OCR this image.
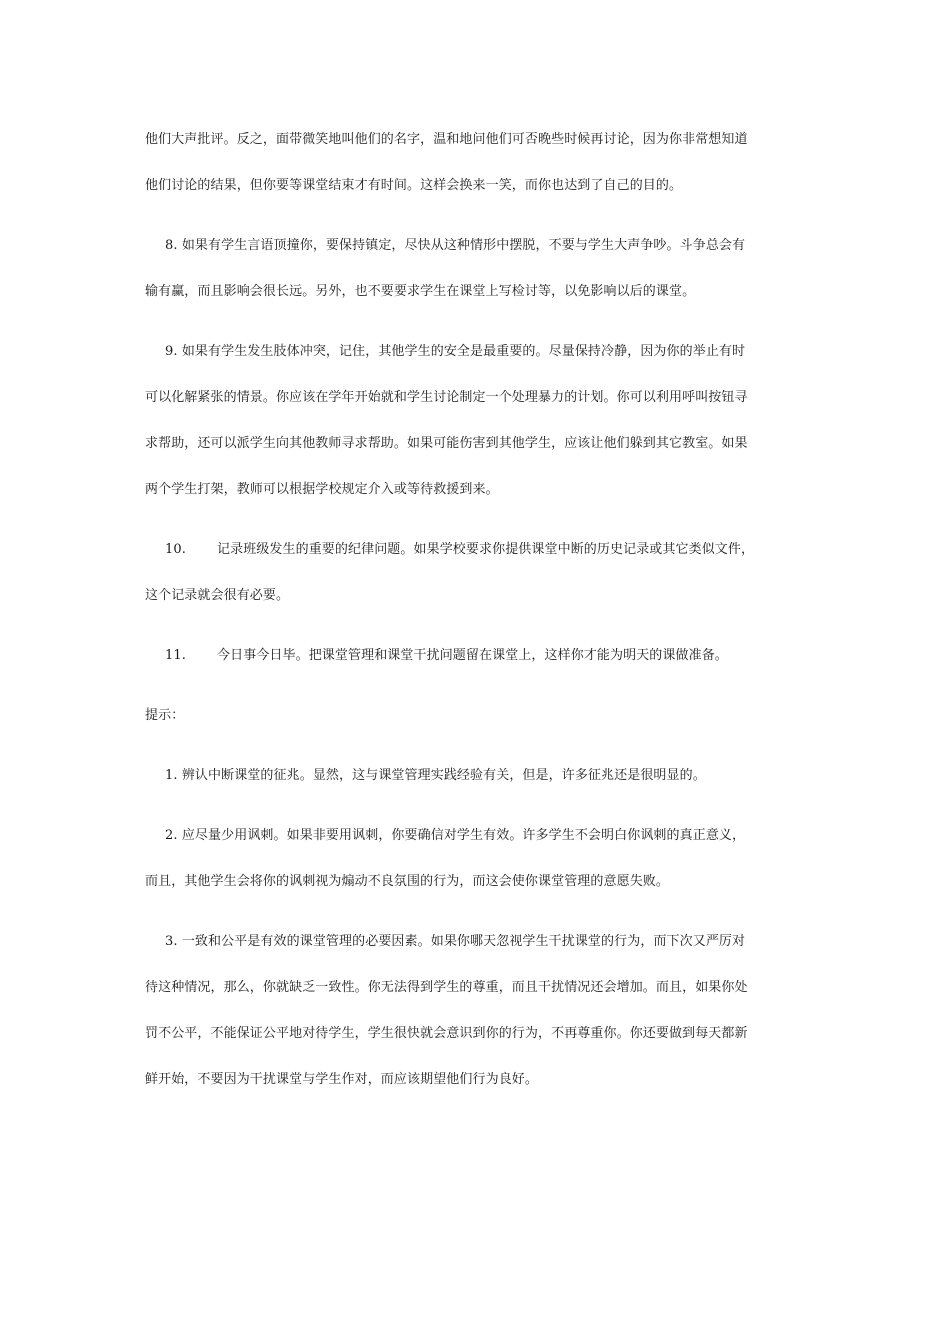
他们大声批评。反之，面带微笑地叫他们的名字，温和地问他们可否晚些时候再讨论，因为你非常想知道
他们讨论的结果，但你要等课堂结束才有时间。这样会换来一笑，而你也达到了自己的目的。
8. 如果有学生言语顶撞你，要保持镇定，尽快从这种情形中摆脱，不要与学生大声争吵。斗争总会有
输有赢，而且影响会很长远。另外，也不要要求学生在课堂上写检讨等，以免影响以后的课堂。
9. 如果有学生发生肢体冲突，记住，其他学生的安全是最重要的。尽量保持冷静，因为你的举止有时
可以化解紧张的情景。你应该在学年开始就和学生讨论制定一个处理暴力的计划。你可以利用呼叫按钮寻
求帮助，还可以派学生向其他教师寻求帮助。如果可能伤害到其他学生，应该让他们躲到其它教室。如果
两个学生打架，教师可以根据学校规定介入或等待救援到来。
10. 记录班级发生的重要的纪律问题。如果学校要求你提供课堂中断的历史记录或其它类似文件，
这个记录就会很有必要。
11. 今日事今日毕。把课堂管理和课堂干扰问题留在课堂上，这样你才能为明天的课做准备。
提示：
1. 辨认中断课堂的征兆。显然，这与课堂管理实践经验有关，但是，许多征兆还是很明显的。
2. 应尽量少用讽刺。如果非要用讽刺，你要确信对学生有效。许多学生不会明白你讽刺的真正意义，
而且，其他学生会将你的讽刺视为煽动不良氛围的行为，而这会使你课堂管理的意愿失败。
3. 一致和公平是有效的课堂管理的必要因素。如果你哪天忽视学生干扰课堂的行为，而下次又严厉对
待这种情况，那么，你就缺乏一致性。你无法得到学生的尊重，而且干扰情况还会增加。而且，如果你处
罚不公平，不能保证公平地对待学生，学生很快就会意识到你的行为，不再尊重你。你还要做到每天都新
鲜开始，不要因为干扰课堂与学生作对，而应该期望他们行为良好。
